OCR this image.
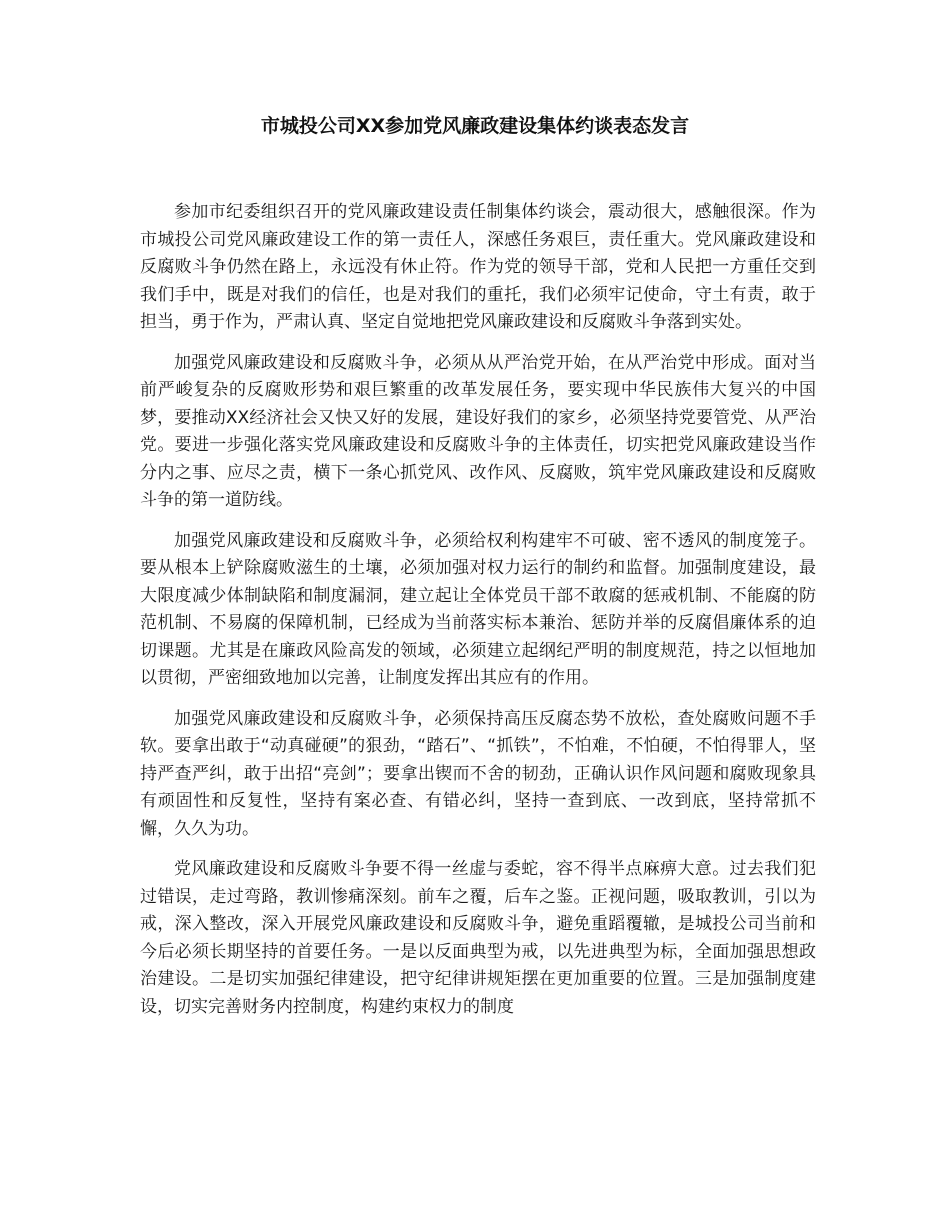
市城投公司XX参加党风廉政建设集体约谈表态发言

参加市纪委组织召开的党风廉政建设责任制集体约谈会，震动很大，感触很深。作为市城投公司党风廉政建设工作的第一责任人，深感任务艰巨，责任重大。党风廉政建设和反腐败斗争仍然在路上，永远没有休止符。作为党的领导干部，党和人民把一方重任交到我们手中，既是对我们的信任，也是对我们的重托，我们必须牢记使命，守土有责，敢于担当，勇于作为，严肃认真、坚定自觉地把党风廉政建设和反腐败斗争落到实处。

加强党风廉政建设和反腐败斗争，必须从从严治党开始，在从严治党中形成。面对当前严峻复杂的反腐败形势和艰巨繁重的改革发展任务，要实现中华民族伟大复兴的中国梦，要推动XX经济社会又快又好的发展，建设好我们的家乡，必须坚持党要管党、从严治党。要进一步强化落实党风廉政建设和反腐败斗争的主体责任，切实把党风廉政建设当作分内之事、应尽之责，横下一条心抓党风、改作风、反腐败，筑牢党风廉政建设和反腐败斗争的第一道防线。

加强党风廉政建设和反腐败斗争，必须给权利构建牢不可破、密不透风的制度笼子。要从根本上铲除腐败滋生的土壤，必须加强对权力运行的制约和监督。加强制度建设，最大限度减少体制缺陷和制度漏洞，建立起让全体党员干部不敢腐的惩戒机制、不能腐的防范机制、不易腐的保障机制，已经成为当前落实标本兼治、惩防并举的反腐倡廉体系的迫切课题。尤其是在廉政风险高发的领域，必须建立起纲纪严明的制度规范，持之以恒地加以贯彻，严密细致地加以完善，让制度发挥出其应有的作用。

加强党风廉政建设和反腐败斗争，必须保持高压反腐态势不放松，查处腐败问题不手软。要拿出敢于“动真碰硬”的狠劲，“踏石”、“抓铁”，不怕难，不怕硬，不怕得罪人，坚持严查严纠，敢于出招“亮剑”；要拿出锲而不舍的韧劲，正确认识作风问题和腐败现象具有顽固性和反复性，坚持有案必查、有错必纠，坚持一查到底、一改到底，坚持常抓不懈，久久为功。

党风廉政建设和反腐败斗争要不得一丝虚与委蛇，容不得半点麻痹大意。过去我们犯过错误，走过弯路，教训惨痛深刻。前车之覆，后车之鉴。正视问题，吸取教训，引以为戒，深入整改，深入开展党风廉政建设和反腐败斗争，避免重蹈覆辙，是城投公司当前和今后必须长期坚持的首要任务。一是以反面典型为戒，以先进典型为标，全面加强思想政治建设。二是切实加强纪律建设，把守纪律讲规矩摆在更加重要的位置。三是加强制度建设，切实完善财务内控制度，构建约束权力的制度
